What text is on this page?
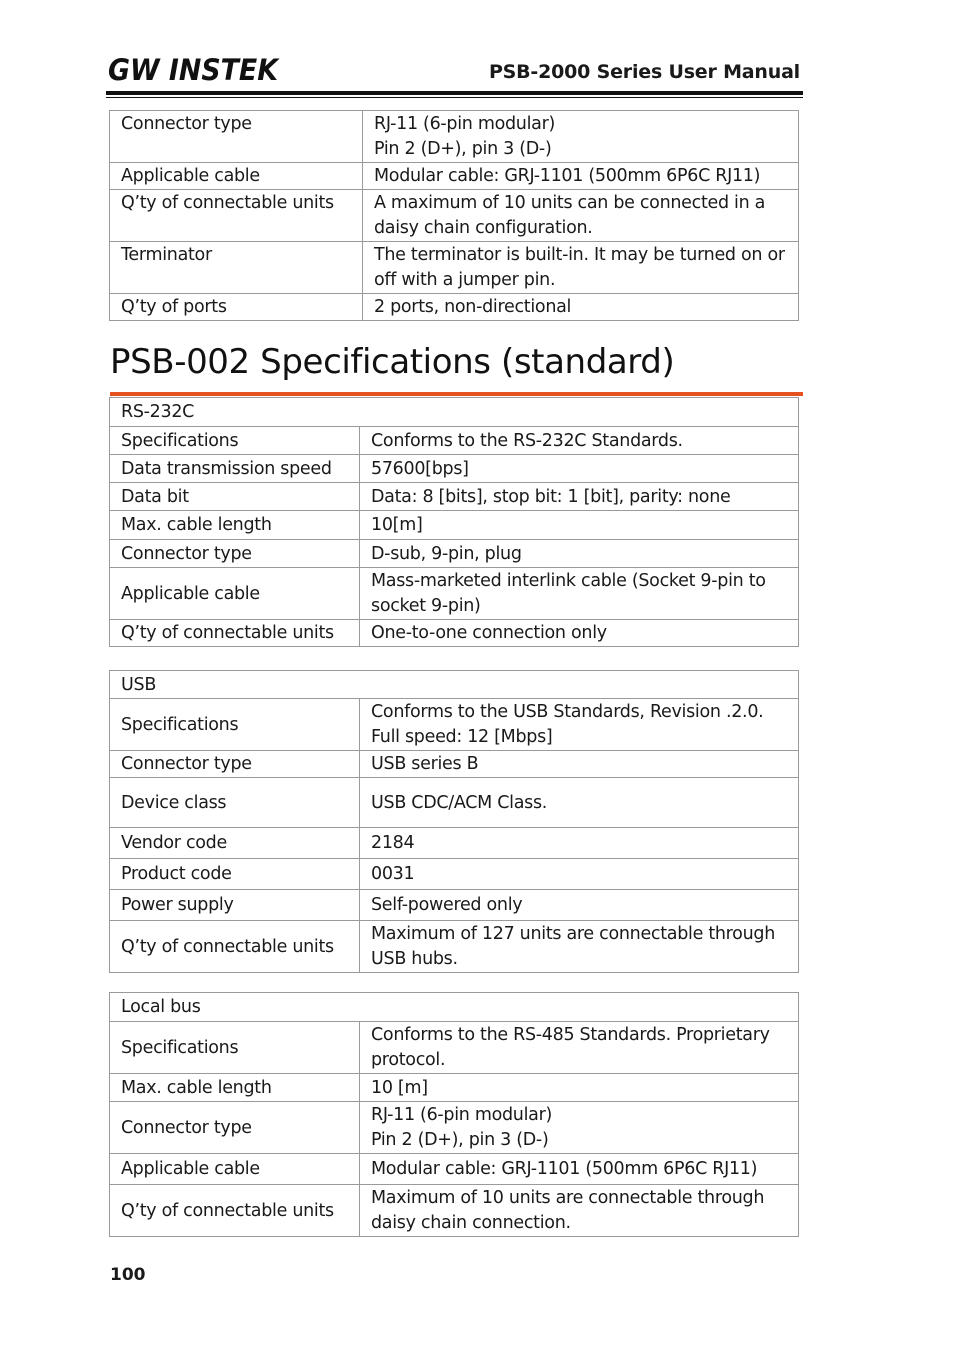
GW INSTEK	PSB-2000 Series User Manual
Connector type	RJ-11 (6-pin modular)
Pin 2 (D+), pin 3 (D-)
Applicable cable	Modular cable: GRJ-1101 (500mm 6P6C RJ11)
Q’ty of connectable units	A maximum of 10 units can be connected in a
daisy chain configuration.
Terminator	The terminator is built-in. It may be turned on or
off with a jumper pin.
Q’ty of ports	2 ports, non-directional
PSB-002 Specifications (standard)
RS-232C	
Specifications	Conforms to the RS-232C Standards.
Data transmission speed	57600[bps]
Data bit	Data: 8 [bits], stop bit: 1 [bit], parity: none
Max. cable length	10[m]
Connector type	D-sub, 9-pin, plug
Applicable cable	Mass-marketed interlink cable (Socket 9-pin to
socket 9-pin)
Q’ty of connectable units	One-to-one connection only
USB	
Specifications	Conforms to the USB Standards, Revision .2.0.
Full speed: 12 [Mbps]
Connector type	USB series B
Device class	USB CDC/ACM Class.
Vendor code	2184
Product code	0031
Power supply	Self-powered only
Q’ty of connectable units	Maximum of 127 units are connectable through
USB hubs.
Local bus	
Specifications	Conforms to the RS-485 Standards. Proprietary
protocol.
Max. cable length	10 [m]
Connector type	RJ-11 (6-pin modular)
Pin 2 (D+), pin 3 (D-)
Applicable cable	Modular cable: GRJ-1101 (500mm 6P6C RJ11)
Q’ty of connectable units	Maximum of 10 units are connectable through
daisy chain connection.
100
